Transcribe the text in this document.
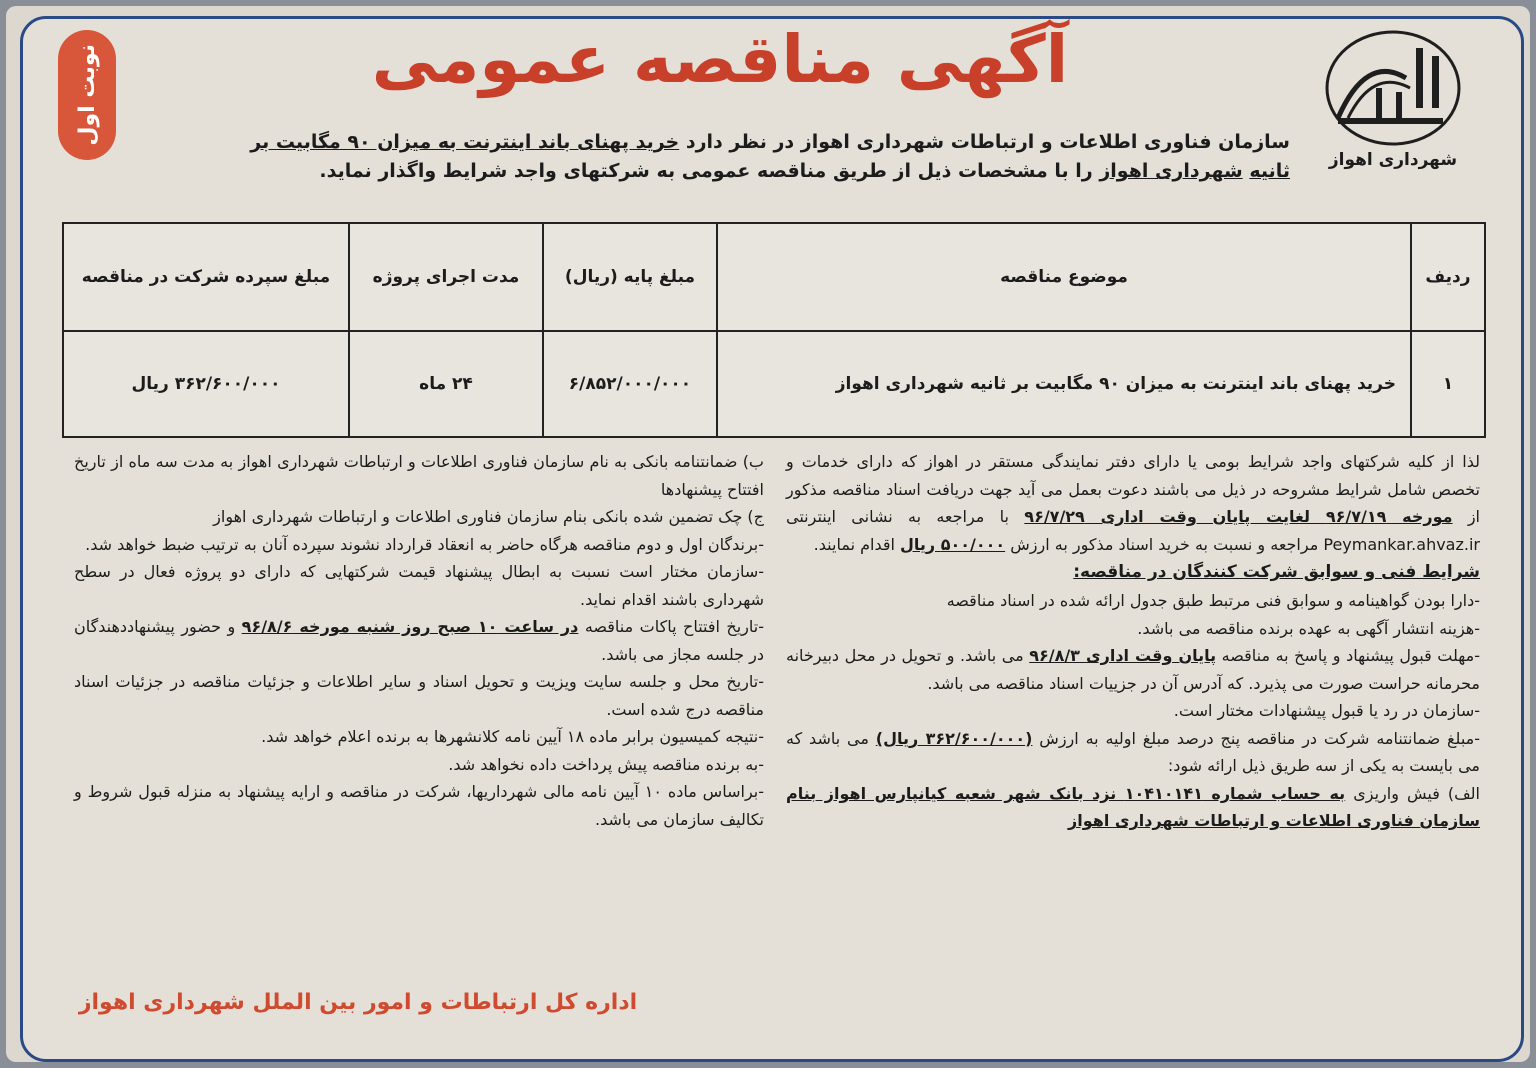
نوبت اول
شهرداری اهواز
آگهی مناقصه عمومی
سازمان فناوری اطلاعات و ارتباطات شهرداری اهواز در نظر دارد خرید پهنای باند اینترنت به میزان ۹۰ مگابیت بر ثانیه شهرداری اهواز را با مشخصات ذیل از طریق مناقصه عمومی به شرکتهای واجد شرایط واگذار نماید.
ردیف	موضوع مناقصه	مبلغ پایه (ریال)	مدت اجرای پروژه	مبلغ سپرده شرکت در مناقصه
۱	خرید پهنای باند اینترنت به میزان ۹۰ مگابیت بر ثانیه شهرداری اهواز	۶/۸۵۲/۰۰۰/۰۰۰	۲۴ ماه	۳۶۲/۶۰۰/۰۰۰ ریال

لذا از کلیه شرکتهای واجد شرایط بومی یا دارای دفتر نمایندگی مستقر در اهواز که دارای خدمات و تخصص شامل شرایط مشروحه در ذیل می باشند دعوت بعمل می آید جهت دریافت اسناد مناقصه مذکور از مورخه ۹۶/۷/۱۹ لغایت پایان وقت اداری ۹۶/۷/۲۹ با مراجعه به نشانی اینترنتی Peymankar.ahvaz.ir مراجعه و نسبت به خرید اسناد مذکور به ارزش ۵۰۰/۰۰۰ ریال اقدام نمایند.

شرایط فنی و سوابق شرکت کنندگان در مناقصه:

-دارا بودن گواهینامه و سوابق فنی مرتبط طبق جدول ارائه شده در اسناد مناقصه

-هزینه انتشار آگهی به عهده برنده مناقصه می باشد.

-مهلت قبول پیشنهاد و پاسخ به مناقصه پایان وقت اداری ۹۶/۸/۳ می باشد. و تحویل در محل دبیرخانه محرمانه حراست صورت می پذیرد. که آدرس آن در جزییات اسناد مناقصه می باشد.

-سازمان در رد یا قبول پیشنهادات مختار است.

-مبلغ ضمانتنامه شرکت در مناقصه پنج درصد مبلغ اولیه به ارزش (۳۶۲/۶۰۰/۰۰۰ ریال) می باشد که می بایست به یکی از سه طریق ذیل ارائه شود:

الف) فیش واریزی به حساب شماره ۱۰۴۱۰۱۴۱ نزد بانک شهر شعبه کیانپارس اهواز بنام سازمان فناوری اطلاعات و ارتباطات شهرداری اهواز

ب) ضمانتنامه بانکی به نام سازمان فناوری اطلاعات و ارتباطات شهرداری اهواز به مدت سه ماه از تاریخ افتتاح پیشنهادها

ج) چک تضمین شده بانکی بنام سازمان فناوری اطلاعات و ارتباطات شهرداری اهواز

-برندگان اول و دوم مناقصه هرگاه حاضر به انعقاد قرارداد نشوند سپرده آنان به ترتیب ضبط خواهد شد.

-سازمان مختار است نسبت به ابطال پیشنهاد قیمت شرکتهایی که دارای دو پروژه فعال در سطح شهرداری باشند اقدام نماید.

-تاریخ افتتاح پاکات مناقصه در ساعت ۱۰ صبح روز شنبه مورخه ۹۶/۸/۶ و حضور پیشنهاددهندگان در جلسه مجاز می باشد.

-تاریخ محل و جلسه سایت ویزیت و تحویل اسناد و سایر اطلاعات و جزئیات مناقصه در جزئیات اسناد مناقصه درج شده است.

-نتیجه کمیسیون برابر ماده ۱۸ آیین نامه کلانشهرها به برنده اعلام خواهد شد.

-به برنده مناقصه پیش پرداخت داده نخواهد شد.

-براساس ماده ۱۰ آیین نامه مالی شهرداریها، شرکت در مناقصه و ارایه پیشنهاد به منزله قبول شروط و تکالیف سازمان می باشد.

اداره کل ارتباطات و امور بین الملل شهرداری اهواز
